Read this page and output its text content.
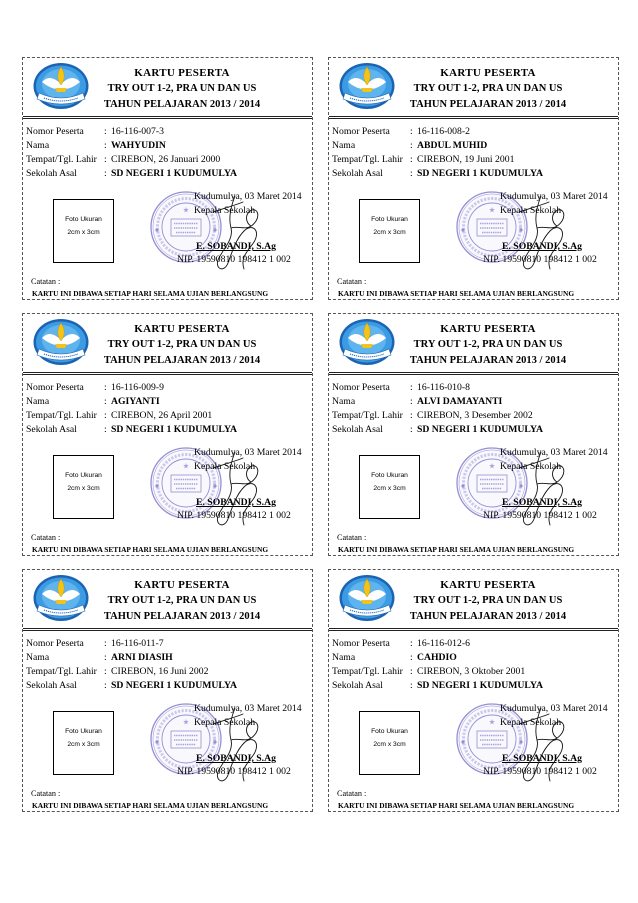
KARTU PESERTA
TRY OUT 1-2, PRA UN DAN US
TAHUN PELAJARAN 2013 / 2014
Nomor Peserta : 16-116-007-3
Nama	: WAHYUDIN
Tempat/Tgl. Lahir : CIREBON, 26 Januari 2000
Sekolah Asal	: SD NEGERI 1 KUDUMULYA
Foto Ukuran
2cm x 3cm
Kudumulya, 03 Maret 2014
Kepala Sekolah
E. SOBANDI, S.Ag
NIP. 19590810 198412 1 002
Catatan :
KARTU INI DIBAWA SETIAP HARI SELAMA UJIAN BERLANGSUNG
KARTU PESERTA
TRY OUT 1-2, PRA UN DAN US
TAHUN PELAJARAN 2013 / 2014
Nomor Peserta : 16-116-008-2
Nama	: ABDUL MUHID
Tempat/Tgl. Lahir : CIREBON, 19 Juni 2001
Sekolah Asal	: SD NEGERI 1 KUDUMULYA
Foto Ukuran
2cm x 3cm
Kudumulya, 03 Maret 2014
Kepala Sekolah
E. SOBANDI, S.Ag
NIP. 19590810 198412 1 002
Catatan :
KARTU INI DIBAWA SETIAP HARI SELAMA UJIAN BERLANGSUNG
KARTU PESERTA
TRY OUT 1-2, PRA UN DAN US
TAHUN PELAJARAN 2013 / 2014
Nomor Peserta : 16-116-009-9
Nama	: AGIYANTI
Tempat/Tgl. Lahir : CIREBON, 26 April 2001
Sekolah Asal	: SD NEGERI 1 KUDUMULYA
Foto Ukuran
2cm x 3cm
Kudumulya, 03 Maret 2014
Kepala Sekolah
E. SOBANDI, S.Ag
NIP. 19590810 198412 1 002
Catatan :
KARTU INI DIBAWA SETIAP HARI SELAMA UJIAN BERLANGSUNG
KARTU PESERTA
TRY OUT 1-2, PRA UN DAN US
TAHUN PELAJARAN 2013 / 2014
Nomor Peserta : 16-116-010-8
Nama	: ALVI DAMAYANTI
Tempat/Tgl. Lahir : CIREBON, 3 Desember 2002
Sekolah Asal	: SD NEGERI 1 KUDUMULYA
Foto Ukuran
2cm x 3cm
Kudumulya, 03 Maret 2014
Kepala Sekolah
E. SOBANDI, S.Ag
NIP. 19590810 198412 1 002
Catatan :
KARTU INI DIBAWA SETIAP HARI SELAMA UJIAN BERLANGSUNG
KARTU PESERTA
TRY OUT 1-2, PRA UN DAN US
TAHUN PELAJARAN 2013 / 2014
Nomor Peserta : 16-116-011-7
Nama	: ARNI DIASIH
Tempat/Tgl. Lahir : CIREBON, 16 Juni 2002
Sekolah Asal	: SD NEGERI 1 KUDUMULYA
Foto Ukuran
2cm x 3cm
Kudumulya, 03 Maret 2014
Kepala Sekolah
E. SOBANDI, S.Ag
NIP. 19590810 198412 1 002
Catatan :
KARTU INI DIBAWA SETIAP HARI SELAMA UJIAN BERLANGSUNG
KARTU PESERTA
TRY OUT 1-2, PRA UN DAN US
TAHUN PELAJARAN 2013 / 2014
Nomor Peserta : 16-116-012-6
Nama	: CAHDIO
Tempat/Tgl. Lahir : CIREBON, 3 Oktober 2001
Sekolah Asal	: SD NEGERI 1 KUDUMULYA
Foto Ukuran
2cm x 3cm
Kudumulya, 03 Maret 2014
Kepala Sekolah
E. SOBANDI, S.Ag
NIP. 19590810 198412 1 002
Catatan :
KARTU INI DIBAWA SETIAP HARI SELAMA UJIAN BERLANGSUNG
